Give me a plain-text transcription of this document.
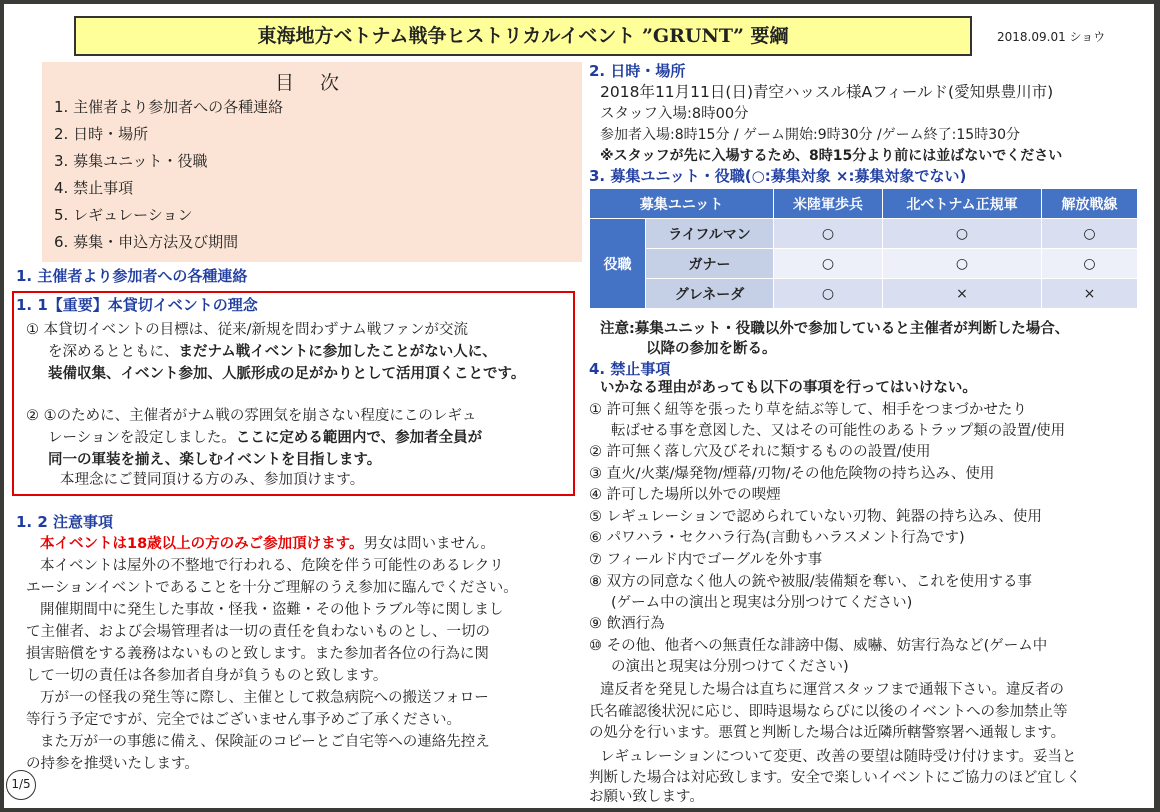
東海地方ベトナム戦争ヒストリカルイベント ”GRUNT” 要綱	2018.09.01 ショウ
目 次
1. 主催者より参加者への各種連絡
2. 日時・場所
3. 募集ユニット・役職
4. 禁止事項
5. レギュレーション
6. 募集・申込方法及び期間
1. 主催者より参加者への各種連絡
1. 1【重要】本貸切イベントの理念
① 本貸切イベントの目標は、従来/新規を問わずナム戦ファンが交流
を深めるとともに、まだナム戦イベントに参加したことがない人に、
装備収集、イベント参加、人脈形成の足がかりとして活用頂くことです。
② ①のために、主催者がナム戦の雰囲気を崩さない程度にこのレギュ
レーションを設定しました。ここに定める範囲内で、参加者全員が
同一の軍装を揃え、楽しむイベントを目指します。
本理念にご賛同頂ける方のみ、参加頂けます。
1. 2 注意事項
本イベントは18歳以上の方のみご参加頂けます。男女は問いません。
本イベントは屋外の不整地で行われる、危険を伴う可能性のあるレクリ
エーションイベントであることを十分ご理解のうえ参加に臨んでください。
開催期間中に発生した事故・怪我・盗難・その他トラブル等に関しまし
て主催者、および会場管理者は一切の責任を負わないものとし、一切の
損害賠償をする義務はないものと致します。また参加者各位の行為に関
して一切の責任は各参加者自身が負うものと致します。
万が一の怪我の発生等に際し、主催として救急病院への搬送フォロー
等行う予定ですが、完全ではございません事予めご了承ください。
また万が一の事態に備え、保険証のコピーとご自宅等への連絡先控え
の持参を推奨いたします。
2. 日時・場所
2018年11月11日(日)青空ハッスル様Aフィールド(愛知県豊川市)
スタッフ入場:8時00分
参加者入場:8時15分 / ゲーム開始:9時30分 /ゲーム終了:15時30分
※スタッフが先に入場するため、8時15分より前には並ばないでください
3. 募集ユニット・役職(○:募集対象 ×:募集対象でない)
募集ユニット		米陸軍歩兵	北ベトナム正規軍	解放戦線
役職	ライフルマン	○	○	○
	ガナー	○	○	○
	グレネーダ	○	×	×
注意:募集ユニット・役職以外で参加していると主催者が判断した場合、
以降の参加を断る。
4. 禁止事項
いかなる理由があっても以下の事項を行ってはいけない。
① 許可無く紐等を張ったり草を結ぶ等して、相手をつまづかせたり
転ばせる事を意図した、又はその可能性のあるトラップ類の設置/使用
② 許可無く落し穴及びそれに類するものの設置/使用
③ 直火/火薬/爆発物/煙幕/刃物/その他危険物の持ち込み、使用
④ 許可した場所以外での喫煙
⑤ レギュレーションで認められていない刃物、鈍器の持ち込み、使用
⑥ パワハラ・セクハラ行為(言動もハラスメント行為です)
⑦ フィールド内でゴーグルを外す事
⑧ 双方の同意なく他人の銃や被服/装備類を奪い、これを使用する事
(ゲーム中の演出と現実は分別つけてください)
⑨ 飲酒行為
⑩ その他、他者への無責任な誹謗中傷、威嚇、妨害行為など(ゲーム中
の演出と現実は分別つけてください)
違反者を発見した場合は直ちに運営スタッフまで通報下さい。違反者の
氏名確認後状況に応じ、即時退場ならびに以後のイベントへの参加禁止等
の処分を行います。悪質と判断した場合は近隣所轄警察署へ通報します。
レギュレーションについて変更、改善の要望は随時受け付けます。妥当と
判断した場合は対応致します。安全で楽しいイベントにご協力のほど宜しく
お願い致します。
1/5
